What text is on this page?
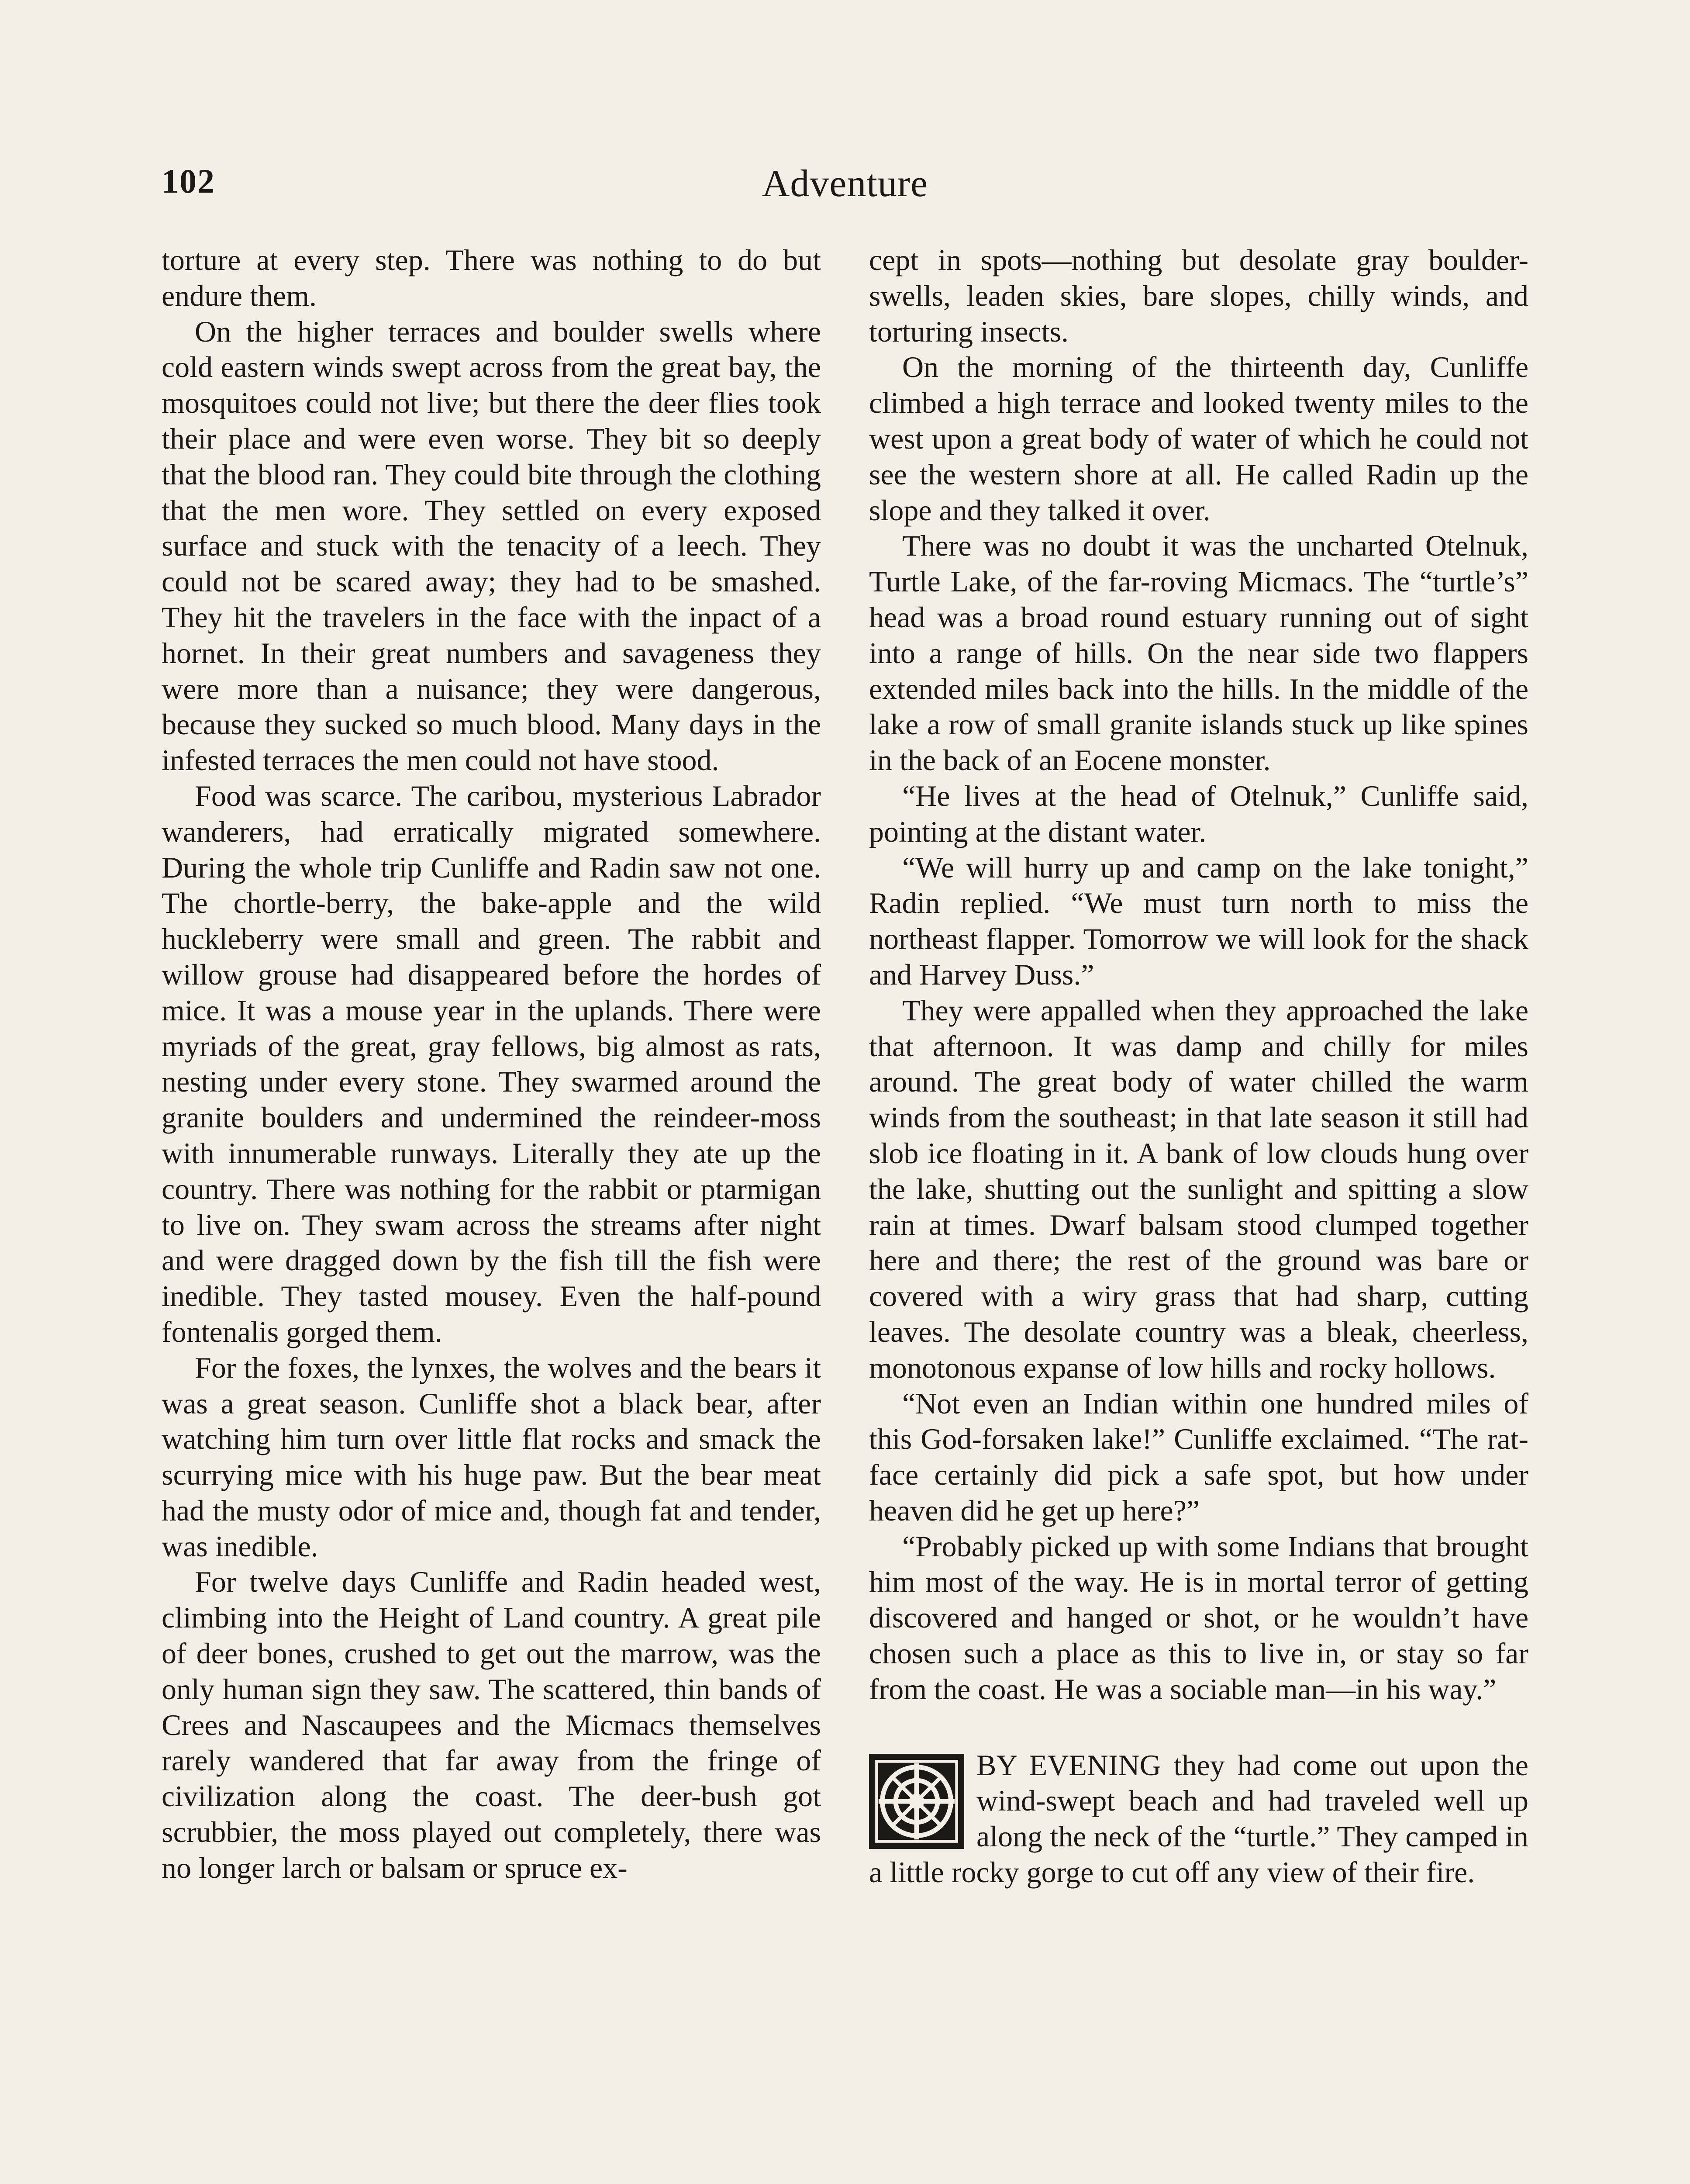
102	Adventure

torture at every step. There was nothing to do but endure them.

On the higher terraces and boulder swells where cold eastern winds swept across from the great bay, the mosquitoes could not live; but there the deer flies took their place and were even worse. They bit so deeply that the blood ran. They could bite through the clothing that the men wore. They settled on every exposed surface and stuck with the tenacity of a leech. They could not be scared away; they had to be smashed. They hit the travelers in the face with the inpact of a hornet. In their great numbers and savageness they were more than a nuisance; they were dangerous, because they sucked so much blood. Many days in the infested terraces the men could not have stood.

Food was scarce. The caribou, mysterious Labrador wanderers, had erratically migrated somewhere. During the whole trip Cunliffe and Radin saw not one. The chortle-berry, the bake-apple and the wild huckleberry were small and green. The rabbit and willow grouse had disappeared before the hordes of mice. It was a mouse year in the uplands. There were myriads of the great, gray fellows, big almost as rats, nesting under every stone. They swarmed around the granite boulders and undermined the reindeer-moss with innumerable runways. Literally they ate up the country. There was nothing for the rabbit or ptarmigan to live on. They swam across the streams after night and were dragged down by the fish till the fish were inedible. They tasted mousey. Even the half-pound fontenalis gorged them.

For the foxes, the lynxes, the wolves and the bears it was a great season. Cunliffe shot a black bear, after watching him turn over little flat rocks and smack the scurrying mice with his huge paw. But the bear meat had the musty odor of mice and, though fat and tender, was inedible.

For twelve days Cunliffe and Radin headed west, climbing into the Height of Land country. A great pile of deer bones, crushed to get out the marrow, was the only human sign they saw. The scattered, thin bands of Crees and Nascaupees and the Micmacs themselves rarely wandered that far away from the fringe of civilization along the coast. The deer-bush got scrubbier, the moss played out completely, there was no longer larch or balsam or spruce ex-

cept in spots—nothing but desolate gray boulder-swells, leaden skies, bare slopes, chilly winds, and torturing insects.

On the morning of the thirteenth day, Cunliffe climbed a high terrace and looked twenty miles to the west upon a great body of water of which he could not see the western shore at all. He called Radin up the slope and they talked it over.

There was no doubt it was the uncharted Otelnuk, Turtle Lake, of the far-roving Micmacs. The “turtle’s” head was a broad round estuary running out of sight into a range of hills. On the near side two flappers extended miles back into the hills. In the middle of the lake a row of small granite islands stuck up like spines in the back of an Eocene monster.

“He lives at the head of Otelnuk,” Cunliffe said, pointing at the distant water.

“We will hurry up and camp on the lake tonight,” Radin replied. “We must turn north to miss the northeast flapper. Tomorrow we will look for the shack and Harvey Duss.”

They were appalled when they approached the lake that afternoon. It was damp and chilly for miles around. The great body of water chilled the warm winds from the southeast; in that late season it still had slob ice floating in it. A bank of low clouds hung over the lake, shutting out the sunlight and spitting a slow rain at times. Dwarf balsam stood clumped together here and there; the rest of the ground was bare or covered with a wiry grass that had sharp, cutting leaves. The desolate country was a bleak, cheerless, monotonous expanse of low hills and rocky hollows.

“Not even an Indian within one hundred miles of this God-forsaken lake!” Cunliffe exclaimed. “The rat-face certainly did pick a safe spot, but how under heaven did he get up here?”

“Probably picked up with some Indians that brought him most of the way. He is in mortal terror of getting discovered and hanged or shot, or he wouldn’t have chosen such a place as this to live in, or stay so far from the coast. He was a sociable man—in his way.”

BY EVENING they had come out upon the wind-swept beach and had traveled well up along the neck of the “turtle.” They camped in a little rocky gorge to cut off any view of their fire.
